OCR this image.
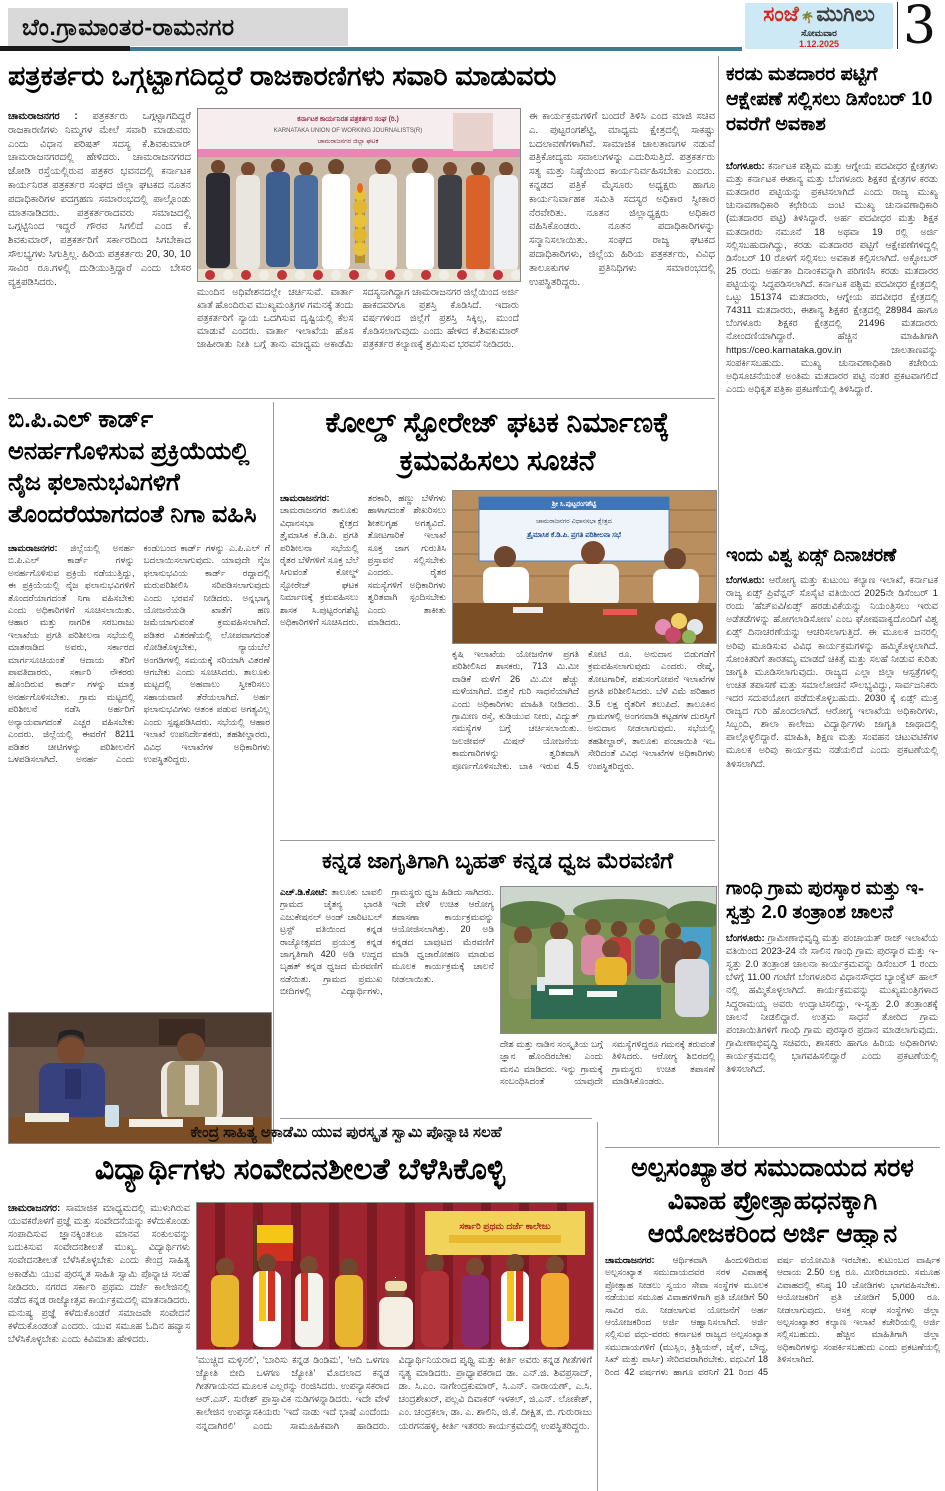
ಬೆಂ.ಗ್ರಾಮಾಂತರ-ರಾಮನಗರ	ಸಂಜೆ 🌴 ಮುಗಿಲು
ಸೋಮವಾರ
1.12.2025 3
ಪತ್ರಕರ್ತರು ಒಗ್ಗಟ್ಟಾಗದಿದ್ದರೆ ರಾಜಕಾರಣಿಗಳು ಸವಾರಿ ಮಾಡುವರು
ಚಾಮರಾಜನಗರ : ಪತ್ರಕರ್ತರು ಒಗ್ಗಟ್ಟಾಗದಿದ್ದರೆ ರಾಜಕಾರಣಿಗಳು ನಿಮ್ಮಗಳ ಮೇಲೆ ಸವಾರಿ ಮಾಡುವರು ಎಂದು ವಿಧಾನ ಪರಿಷತ್ ಸದಸ್ಯ ಕೆ.ಶಿವಕುಮಾರ್ ಚಾಮರಾಜನಗರದಲ್ಲಿ ಹೇಳಿದರು. ಚಾಮರಾಜನಗರದ ಜೋಡಿ ರಸ್ತೆಯಲ್ಲಿರುವ ಪತ್ರಕರ ಭವನದಲ್ಲಿ ಕರ್ನಾಟಕ ಕಾರ್ಯನಿರತ ಪತ್ರಕರ್ತರ ಸಂಘದ ಜಿಲ್ಲಾ ಘಟಕದ ನೂತನ ಪದಾಧಿಕಾರಿಗಳ ಪದಗ್ರಹಣ ಸಮಾರಂಭದಲ್ಲಿ ಪಾಲ್ಗೊಂಡು ಮಾತನಾಡಿದರು. ಪತ್ರಕರ್ತರಾದವರು ಸಮಾಜದಲ್ಲಿ ಒಗ್ಗಟ್ಟಿನಿಂದ ಇದ್ದರೆ ಗೌರವ ಸಿಗಲಿದೆ ಎಂದ ಕೆ. ಶಿವಕುಮಾರ್, ಪತ್ರಕರ್ತರಿಗೆ ಸರ್ಕಾರದಿಂದ ಸಿಗಬೇಕಾದ ಸೌಲಭ್ಯಗಳು ಸಿಗುತ್ತಿಲ್ಲ. ಹಿರಿಯ ಪತ್ರಕರ್ತರು 20, 30, 10 ಸಾವಿರ ರೂ.ಗಳಲ್ಲಿ ದುಡಿಯುತ್ತಿದ್ದಾರೆ ಎಂದು ಬೇಸರ ವ್ಯಕ್ತಪಡಿಸಿದರು.
ಕರ್ನಾಟಕ ಕಾರ್ಯನಿರತ ಪತ್ರಕರ್ತರ ಸಂಘ (ರಿ.)
KARNATAKA UNION OF WORKING JOURNALISTS(R)
ಚಾಮರಾಜನಗರ ಜಿಲ್ಲಾ ಘಟಕ
ಮುಂದಿನ ಅಧಿವೇಶನದಲ್ಲೇ ಚರ್ಚಿಸುವೆ. ವಾರ್ತಾ ಖಾತೆ ಹೊಂದಿರುವ ಮುಖ್ಯಮಂತ್ರಿಗಳ ಗಮನಕ್ಕೆ ತಂದು ಪತ್ರಕರ್ತರಿಗೆ ನ್ಯಾಯ ಒದಗಿಸುವ ದೃಷ್ಟಿಯಲ್ಲಿ ಕೆಲಸ ಮಾಡುವೆ ಎಂದರು. ವಾರ್ತಾ ಇಲಾಖೆಯ ಹೊಸ ಜಾಹೀರಾತು ನೀತಿ ಬಗ್ಗೆ ತಾನು ಮಾಧ್ಯಮ ಅಕಾಡೆಮಿ ಸದಸ್ಯನಾಗಿದ್ದಾಗ ಚಾಮರಾಜನಗರ ಜಿಲ್ಲೆಯಿಂದ ಅರ್ಜಿ ಹಾಕದವರಿಗೂ ಪ್ರಶಸ್ತಿ ಕೊಡಿಸಿದೆ. ಇದಾರು ವರ್ಷಗಳಿಂದ ಜಿಲ್ಲೆಗೆ ಪ್ರಶಸ್ತಿ ಸಿಕ್ಕಿಲ್ಲ, ಮುಂದೆ ಕೊಡಿಸಲಾಗುವುದು ಎಂದು ಹೇಳಿದ ಕೆ.ಶಿವಕುಮಾರ್ ಪತ್ರಕರ್ತರ ಕಲ್ಯಾಣಕ್ಕೆ ಶ್ರಮಿಸುವ ಭರವಸೆ ನೀಡಿದರು.
ಈ ಕಾರ್ಯಕ್ರಮಗಳಿಗೆ ಬಂದರೆ ತಿಳಿಸಿ ಎಂದ ಮಾಜಿ ಸಚಿವ ಎ. ಪುಟ್ಟರಂಗಶೆಟ್ಟಿ, ಮಾಧ್ಯಮ ಕ್ಷೇತ್ರದಲ್ಲಿ ಸಾಕಷ್ಟು ಬದಲಾವಣೆಗಳಾಗಿವೆ. ಸಾಮಾಜಿಕ ಜಾಲತಾಣಗಳ ನಡುವೆ ಪತ್ರಿಕೋದ್ಯಮ ಸವಾಲುಗಳನ್ನು ಎದುರಿಸುತ್ತಿದೆ. ಪತ್ರಕರ್ತರು ಸತ್ಯ ಮತ್ತು ನಿಷ್ಠೆಯಿಂದ ಕಾರ್ಯನಿರ್ವಹಿಸಬೇಕು ಎಂದರು. ಕನ್ನಡದ ಪತ್ರಿಕೆ ಮೈಸೂರು ಅಧ್ಯಕ್ಷರು ಹಾಗೂ ಕಾರ್ಯನಿರ್ವಾಹಕ ಸಮಿತಿ ಸದಸ್ಯರ ಅಧಿಕಾರ ಸ್ವೀಕಾರ ನೆರವೇರಿತು. ನೂತನ ಜಿಲ್ಲಾಧ್ಯಕ್ಷರು ಅಧಿಕಾರ ವಹಿಸಿಕೊಂಡರು. ನೂತನ ಪದಾಧಿಕಾರಿಗಳನ್ನು ಸನ್ಮಾನಿಸಲಾಯಿತು. ಸಂಘದ ರಾಜ್ಯ ಘಟಕದ ಪದಾಧಿಕಾರಿಗಳು, ಜಿಲ್ಲೆಯ ಹಿರಿಯ ಪತ್ರಕರ್ತರು, ವಿವಿಧ ತಾಲೂಕುಗಳ ಪ್ರತಿನಿಧಿಗಳು ಸಮಾರಂಭದಲ್ಲಿ ಉಪಸ್ಥಿತರಿದ್ದರು.
ಕರಡು ಮತದಾರರ ಪಟ್ಟಿಗೆ ಆಕ್ಷೇಪಣೆ ಸಲ್ಲಿಸಲು ಡಿಸೆಂಬರ್ 10 ರವರೆಗೆ ಅವಕಾಶ
ಬೆಂಗಳೂರು: ಕರ್ನಾಟಕ ಪಶ್ಚಿಮ ಮತ್ತು ಆಗ್ನೇಯ ಪದವೀಧರ ಕ್ಷೇತ್ರಗಳು ಮತ್ತು ಕರ್ನಾಟಕ ಈಶಾನ್ಯ ಮತ್ತು ಬೆಂಗಳೂರು ಶಿಕ್ಷಕರ ಕ್ಷೇತ್ರಗಳ ಕರಡು ಮತದಾರರ ಪಟ್ಟಿಯನ್ನು ಪ್ರಕಟಿಸಲಾಗಿದೆ ಎಂದು ರಾಜ್ಯ ಮುಖ್ಯ ಚುನಾವಣಾಧಿಕಾರಿ ಕಛೇರಿಯ ಜಂಟಿ ಮುಖ್ಯ ಚುನಾವಣಾಧಿಕಾರಿ (ಮತದಾರರ ಪಟ್ಟಿ) ತಿಳಿಸಿದ್ದಾರೆ. ಅರ್ಹ ಪದವೀಧರ ಮತ್ತು ಶಿಕ್ಷಕ ಮತದಾರರು ನಮೂನೆ 18 ಅಥವಾ 19 ರಲ್ಲಿ ಅರ್ಜಿ ಸಲ್ಲಿಸಬಹುದಾಗಿದ್ದು, ಕರಡು ಮತದಾರರ ಪಟ್ಟಿಗೆ ಆಕ್ಷೇಪಣೆಗಳಿದ್ದಲ್ಲಿ ಡಿಸೆಂಬರ್ 10 ರೊಳಗೆ ಸಲ್ಲಿಸಲು ಅವಕಾಶ ಕಲ್ಪಿಸಲಾಗಿದೆ. ಅಕ್ಟೋಬರ್ 25 ರಂದು ಅರ್ಹತಾ ದಿನಾಂಕವನ್ನಾಗಿ ಪರಿಗಣಿಸಿ ಕರಡು ಮತದಾರರ ಪಟ್ಟಿಯನ್ನು ಸಿದ್ಧಪಡಿಸಲಾಗಿದೆ. ಕರ್ನಾಟಕ ಪಶ್ಚಿಮ ಪದವೀಧರ ಕ್ಷೇತ್ರದಲ್ಲಿ ಒಟ್ಟು 151374 ಮತದಾರರು, ಆಗ್ನೇಯ ಪದವೀಧರ ಕ್ಷೇತ್ರದಲ್ಲಿ 74311 ಮತದಾರರು, ಈಶಾನ್ಯ ಶಿಕ್ಷಕರ ಕ್ಷೇತ್ರದಲ್ಲಿ 28984 ಹಾಗೂ ಬೆಂಗಳೂರು ಶಿಕ್ಷಕರ ಕ್ಷೇತ್ರದಲ್ಲಿ 21496 ಮತದಾರರು ನೋಂದಣಿಯಾಗಿದ್ದಾರೆ. ಹೆಚ್ಚಿನ ಮಾಹಿತಿಗಾಗಿ https://ceo.karnataka.gov.in ಜಾಲತಾಣವನ್ನು ಸಂಪರ್ಕಿಸಬಹುದು. ಮುಖ್ಯ ಚುನಾವಣಾಧಿಕಾರಿ ಕಚೇರಿಯ ಅಧಿಸೂಚನೆಯಂತೆ ಅಂತಿಮ ಮತದಾರರ ಪಟ್ಟಿ ನಂತರ ಪ್ರಕಟವಾಗಲಿದೆ ಎಂದು ಅಧಿಕೃತ ಪತ್ರಿಕಾ ಪ್ರಕಟಣೆಯಲ್ಲಿ ತಿಳಿಸಿದ್ದಾರೆ.
ಇಂದು ವಿಶ್ವ ಏಡ್ಸ್ ದಿನಾಚರಣೆ
ಬೆಂಗಳೂರು: ಆರೋಗ್ಯ ಮತ್ತು ಕುಟುಂಬ ಕಲ್ಯಾಣ ಇಲಾಖೆ, ಕರ್ನಾಟಕ ರಾಜ್ಯ ಏಡ್ಸ್ ಪ್ರಿವೆನ್ಷನ್ ಸೊಸೈಟಿ ವತಿಯಿಂದ 2025ನೇ ಡಿಸೆಂಬರ್ 1 ರಂದು ‘ಹೆಚ್ಐವಿ/ಏಡ್ಸ್ ಹರಡುವಿಕೆಯನ್ನು ನಿಯಂತ್ರಿಸಲು ಇರುವ ಅಡೆತಡೆಗಳನ್ನು ಹೋಗಲಾಡಿಸೋಣ’ ಎಂಬ ಘೋಷವಾಕ್ಯದೊಂದಿಗೆ ವಿಶ್ವ ಏಡ್ಸ್ ದಿನಾಚರಣೆಯನ್ನು ಆಚರಿಸಲಾಗುತ್ತಿದೆ. ಈ ಮೂಲಕ ಜನರಲ್ಲಿ ಅರಿವು ಮೂಡಿಸುವ ವಿವಿಧ ಕಾರ್ಯಕ್ರಮಗಳನ್ನು ಹಮ್ಮಿಕೊಳ್ಳಲಾಗಿದೆ. ಸೋಂಕಿತರಿಗೆ ತಾರತಮ್ಯ ಮಾಡದೆ ಚಿಕಿತ್ಸೆ ಮತ್ತು ಸಲಹೆ ನೀಡುವ ಕುರಿತು ಜಾಗೃತಿ ಮೂಡಿಸಲಾಗುವುದು. ರಾಜ್ಯದ ಎಲ್ಲಾ ಜಿಲ್ಲಾ ಆಸ್ಪತ್ರೆಗಳಲ್ಲಿ ಉಚಿತ ತಪಾಸಣೆ ಮತ್ತು ಸಮಾಲೋಚನೆ ಸೌಲಭ್ಯವಿದ್ದು, ಸಾರ್ವಜನಿಕರು ಇದರ ಸದುಪಯೋಗ ಪಡೆದುಕೊಳ್ಳಬಹುದು. 2030 ಕ್ಕೆ ಏಡ್ಸ್ ಮುಕ್ತ ರಾಜ್ಯದ ಗುರಿ ಹೊಂದಲಾಗಿದೆ. ಆರೋಗ್ಯ ಇಲಾಖೆಯ ಅಧಿಕಾರಿಗಳು, ಸಿಬ್ಬಂದಿ, ಶಾಲಾ ಕಾಲೇಜು ವಿದ್ಯಾರ್ಥಿಗಳು ಜಾಗೃತಿ ಜಾಥಾದಲ್ಲಿ ಪಾಲ್ಗೊಳ್ಳಲಿದ್ದಾರೆ. ಮಾಹಿತಿ, ಶಿಕ್ಷಣ ಮತ್ತು ಸಂವಹನ ಚಟುವಟಿಕೆಗಳ ಮೂಲಕ ಅರಿವು ಕಾರ್ಯಕ್ರಮ ನಡೆಯಲಿದೆ ಎಂದು ಪ್ರಕಟಣೆಯಲ್ಲಿ ತಿಳಿಸಲಾಗಿದೆ.
ಗಾಂಧಿ ಗ್ರಾಮ ಪುರಸ್ಕಾರ ಮತ್ತು ಇ-ಸ್ವತ್ತು 2.0 ತಂತ್ರಾಂಶ ಚಾಲನೆ
ಬೆಂಗಳೂರು: ಗ್ರಾಮೀಣಾಭಿವೃದ್ಧಿ ಮತ್ತು ಪಂಚಾಯತ್ ರಾಜ್ ಇಲಾಖೆಯ ವತಿಯಿಂದ 2023-24 ನೇ ಸಾಲಿನ ಗಾಂಧಿ ಗ್ರಾಮ ಪುರಸ್ಕಾರ ಮತ್ತು ಇ-ಸ್ವತ್ತು 2.0 ತಂತ್ರಾಂಶ ಚಾಲನಾ ಕಾರ್ಯಕ್ರಮವನ್ನು ಡಿಸೆಂಬರ್ 1 ರಂದು ಬೆಳಗ್ಗೆ 11.00 ಗಂಟೆಗೆ ಬೆಂಗಳೂರಿನ ವಿಧಾನಸೌಧದ ಬ್ಯಾಂಕ್ವೆಟ್ ಹಾಲ್ ನಲ್ಲಿ ಹಮ್ಮಿಕೊಳ್ಳಲಾಗಿದೆ. ಕಾರ್ಯಕ್ರಮವನ್ನು ಮುಖ್ಯಮಂತ್ರಿಗಳಾದ ಸಿದ್ದರಾಮಯ್ಯ ಅವರು ಉದ್ಘಾಟಿಸಲಿದ್ದು, ಇ-ಸ್ವತ್ತು 2.0 ತಂತ್ರಾಂಶಕ್ಕೆ ಚಾಲನೆ ನೀಡಲಿದ್ದಾರೆ. ಉತ್ತಮ ಸಾಧನೆ ತೋರಿದ ಗ್ರಾಮ ಪಂಚಾಯಿತಿಗಳಿಗೆ ಗಾಂಧಿ ಗ್ರಾಮ ಪುರಸ್ಕಾರ ಪ್ರದಾನ ಮಾಡಲಾಗುವುದು. ಗ್ರಾಮೀಣಾಭಿವೃದ್ಧಿ ಸಚಿವರು, ಶಾಸಕರು ಹಾಗೂ ಹಿರಿಯ ಅಧಿಕಾರಿಗಳು ಕಾರ್ಯಕ್ರಮದಲ್ಲಿ ಭಾಗವಹಿಸಲಿದ್ದಾರೆ ಎಂದು ಪ್ರಕಟಣೆಯಲ್ಲಿ ತಿಳಿಸಲಾಗಿದೆ.
ಬಿ.ಪಿ.ಎಲ್ ಕಾರ್ಡ್ ಅನರ್ಹಗೊಳಿಸುವ ಪ್ರಕ್ರಿಯೆಯಲ್ಲಿ ನೈಜ ಫಲಾನುಭವಿಗಳಿಗೆ ತೊಂದರೆಯಾಗದಂತೆ ನಿಗಾ ವಹಿಸಿ
ಚಾಮರಾಜನಗರ: ಜಿಲ್ಲೆಯಲ್ಲಿ ಅನರ್ಹ ಬಿ.ಪಿ.ಎಲ್ ಕಾರ್ಡ್ ಗಳನ್ನು ಅನರ್ಹಗೊಳಿಸುವ ಪ್ರಕ್ರಿಯೆ ನಡೆಯುತ್ತಿದ್ದು, ಈ ಪ್ರಕ್ರಿಯೆಯಲ್ಲಿ ನೈಜ ಫಲಾನುಭವಿಗಳಿಗೆ ತೊಂದರೆಯಾಗದಂತೆ ನಿಗಾ ವಹಿಸಬೇಕು ಎಂದು ಅಧಿಕಾರಿಗಳಿಗೆ ಸೂಚಿಸಲಾಯಿತು. ಆಹಾರ ಮತ್ತು ನಾಗರಿಕ ಸರಬರಾಜು ಇಲಾಖೆಯ ಪ್ರಗತಿ ಪರಿಶೀಲನಾ ಸಭೆಯಲ್ಲಿ ಮಾತನಾಡಿದ ಅವರು, ಸರ್ಕಾರದ ಮಾರ್ಗಸೂಚಿಯಂತೆ ಆದಾಯ ತೆರಿಗೆ ಪಾವತಿದಾರರು, ಸರ್ಕಾರಿ ನೌಕರರು ಹೊಂದಿರುವ ಕಾರ್ಡ್ ಗಳನ್ನು ಮಾತ್ರ ಅನರ್ಹಗೊಳಿಸಬೇಕು. ಗ್ರಾಮ ಮಟ್ಟದಲ್ಲಿ ಪರಿಶೀಲನೆ ನಡೆಸಿ ಅರ್ಹರಿಗೆ ಅನ್ಯಾಯವಾಗದಂತೆ ಎಚ್ಚರ ವಹಿಸಬೇಕು ಎಂದರು. ಜಿಲ್ಲೆಯಲ್ಲಿ ಈವರೆಗೆ 8211 ಪಡಿತರ ಚೀಟಿಗಳನ್ನು ಪರಿಶೀಲನೆಗೆ ಒಳಪಡಿಸಲಾಗಿದೆ. ಅನರ್ಹ ಎಂದು ಕಂಡುಬಂದ ಕಾರ್ಡ್ ಗಳನ್ನು ಎ.ಪಿ.ಎಲ್ ಗೆ ಬದಲಾಯಿಸಲಾಗುವುದು. ಯಾವುದೇ ನೈಜ ಫಲಾನುಭವಿಯ ಕಾರ್ಡ್ ರದ್ದಾದಲ್ಲಿ ಮರುಪರಿಶೀಲಿಸಿ ಸರಿಪಡಿಸಲಾಗುವುದು ಎಂದು ಭರವಸೆ ನೀಡಿದರು. ಅನ್ನಭಾಗ್ಯ ಯೋಜನೆಯಡಿ ಖಾತೆಗೆ ಹಣ ಜಮೆಯಾಗುವಂತೆ ಕ್ರಮವಹಿಸಲಾಗಿದೆ. ಪಡಿತರ ವಿತರಣೆಯಲ್ಲಿ ಲೋಪವಾಗದಂತೆ ನೋಡಿಕೊಳ್ಳಬೇಕು, ನ್ಯಾಯಬೆಲೆ ಅಂಗಡಿಗಳಲ್ಲಿ ಸಮಯಕ್ಕೆ ಸರಿಯಾಗಿ ವಿತರಣೆ ಆಗಬೇಕು ಎಂದು ಸೂಚಿಸಿದರು. ತಾಲೂಕು ಮಟ್ಟದಲ್ಲಿ ಅಹವಾಲು ಸ್ವೀಕರಿಸಲು ಸಹಾಯವಾಣಿ ತೆರೆಯಲಾಗಿದೆ. ಅರ್ಹ ಫಲಾನುಭವಿಗಳು ಆತಂಕ ಪಡುವ ಅಗತ್ಯವಿಲ್ಲ ಎಂದು ಸ್ಪಷ್ಟಪಡಿಸಿದರು. ಸಭೆಯಲ್ಲಿ ಆಹಾರ ಇಲಾಖೆ ಉಪನಿರ್ದೇಶಕರು, ತಹಶೀಲ್ದಾರರು, ವಿವಿಧ ಇಲಾಖೆಗಳ ಅಧಿಕಾರಿಗಳು ಉಪಸ್ಥಿತರಿದ್ದರು.
ಕೋಲ್ಡ್ ಸ್ಟೋರೇಜ್ ಘಟಕ ನಿರ್ಮಾಣಕ್ಕೆ ಕ್ರಮವಹಿಸಲು ಸೂಚನೆ
ಚಾಮರಾಜನಗರ: ಚಾಮರಾಜನಗರ ತಾಲೂಕು ವಿಧಾನಸಭಾ ಕ್ಷೇತ್ರದ ತ್ರೈಮಾಸಿಕ ಕೆ.ಡಿ.ಪಿ. ಪ್ರಗತಿ ಪರಿಶೀಲನಾ ಸಭೆಯಲ್ಲಿ ರೈತರ ಬೆಳೆಗಳಿಗೆ ಸೂಕ್ತ ಬೆಲೆ ಸಿಗುವಂತೆ ಕೋಲ್ಡ್ ಸ್ಟೋರೇಜ್ ಘಟಕ ನಿರ್ಮಾಣಕ್ಕೆ ಕ್ರಮವಹಿಸಲು ಶಾಸಕ ಸಿ.ಪುಟ್ಟರಂಗಶೆಟ್ಟಿ ಅಧಿಕಾರಿಗಳಿಗೆ ಸೂಚಿಸಿದರು. ತರಕಾರಿ, ಹಣ್ಣು ಬೆಳೆಗಳು ಹಾಳಾಗದಂತೆ ಶೇಖರಿಸಲು ಶೀತಲಗೃಹ ಅಗತ್ಯವಿದೆ. ತೋಟಗಾರಿಕೆ ಇಲಾಖೆ ಸೂಕ್ತ ಜಾಗ ಗುರುತಿಸಿ ಪ್ರಸ್ತಾವನೆ ಸಲ್ಲಿಸಬೇಕು ಎಂದರು. ರೈತರ ಸಮಸ್ಯೆಗಳಿಗೆ ಅಧಿಕಾರಿಗಳು ತ್ವರಿತವಾಗಿ ಸ್ಪಂದಿಸಬೇಕು ಎಂದು ತಾಕೀತು ಮಾಡಿದರು.
ಶ್ರೀ ಸಿ.ಪುಟ್ಟರಂಗಶೆಟ್ಟಿ
ಚಾಮರಾಜನಗರ ವಿಧಾನಸಭಾ ಕ್ಷೇತ್ರದ
ತ್ರೈಮಾಸಿಕ ಕೆ.ಡಿ.ಪಿ. ಪ್ರಗತಿ ಪರಿಶೀಲನಾ ಸಭೆ
ಕೃಷಿ ಇಲಾಖೆಯ ಯೋಜನೆಗಳ ಪ್ರಗತಿ ಪರಿಶೀಲಿಸಿದ ಶಾಸಕರು, 713 ಮಿ.ಮೀ ವಾಡಿಕೆ ಮಳೆಗೆ 26 ಮಿ.ಮೀ ಹೆಚ್ಚು ಮಳೆಯಾಗಿದೆ. ಬಿತ್ತನೆ ಗುರಿ ಸಾಧನೆಯಾಗಿದೆ ಎಂದು ಅಧಿಕಾರಿಗಳು ಮಾಹಿತಿ ನೀಡಿದರು. ಗ್ರಾಮೀಣ ರಸ್ತೆ, ಕುಡಿಯುವ ನೀರು, ವಿದ್ಯುತ್ ಸಮಸ್ಯೆಗಳ ಬಗ್ಗೆ ಚರ್ಚಿಸಲಾಯಿತು. ಜಲಜೀವನ್ ಮಿಷನ್ ಯೋಜನೆಯ ಕಾಮಗಾರಿಗಳನ್ನು ತ್ವರಿತವಾಗಿ ಪೂರ್ಣಗೊಳಿಸಬೇಕು. ಬಾಕಿ ಇರುವ 4.5 ಕೋಟಿ ರೂ. ಅನುದಾನ ಬಿಡುಗಡೆಗೆ ಕ್ರಮವಹಿಸಲಾಗುವುದು ಎಂದರು. ರೇಷ್ಮೆ, ತೋಟಗಾರಿಕೆ, ಪಶುಸಂಗೋಪನೆ ಇಲಾಖೆಗಳ ಪ್ರಗತಿ ಪರಿಶೀಲಿಸಿದರು. ಬೆಳೆ ವಿಮೆ ಪರಿಹಾರ 3.5 ಲಕ್ಷ ರೈತರಿಗೆ ತಲುಪಿದೆ. ತಾಲೂಕಿನ ಗ್ರಾಮಗಳಲ್ಲಿ ಅಂಗನವಾಡಿ ಕಟ್ಟಡಗಳ ದುರಸ್ತಿಗೆ ಅನುದಾನ ನೀಡಲಾಗುವುದು. ಸಭೆಯಲ್ಲಿ ತಹಶೀಲ್ದಾರ್, ತಾಲೂಕು ಪಂಚಾಯಿತಿ ಇಒ ಸೇರಿದಂತೆ ವಿವಿಧ ಇಲಾಖೆಗಳ ಅಧಿಕಾರಿಗಳು ಉಪಸ್ಥಿತರಿದ್ದರು.
ಕನ್ನಡ ಜಾಗೃತಿಗಾಗಿ ಬೃಹತ್ ಕನ್ನಡ ಧ್ವಜ ಮೆರವಣಿಗೆ
ಎಚ್.ಡಿ.ಕೋಟೆ: ತಾಲೂಕು ಬಾವಲಿ ಗ್ರಾಮದ ಚೈತನ್ಯ ಭಾರತಿ ಎಜುಕೇಷನಲ್ ಅಂಡ್ ಚಾರಿಟಬಲ್ ಟ್ರಸ್ಟ್ ವತಿಯಿಂದ ಕನ್ನಡ ರಾಜ್ಯೋತ್ಸವದ ಪ್ರಯುಕ್ತ ಕನ್ನಡ ಜಾಗೃತಿಗಾಗಿ 420 ಅಡಿ ಉದ್ದದ ಬೃಹತ್ ಕನ್ನಡ ಧ್ವಜದ ಮೆರವಣಿಗೆ ನಡೆಯಿತು. ಗ್ರಾಮದ ಪ್ರಮುಖ ಬೀದಿಗಳಲ್ಲಿ ವಿದ್ಯಾರ್ಥಿಗಳು, ಗ್ರಾಮಸ್ಥರು ಧ್ವಜ ಹಿಡಿದು ಸಾಗಿದರು. ಇದೇ ವೇಳೆ ಉಚಿತ ಆರೋಗ್ಯ ತಪಾಸಣಾ ಕಾರ್ಯಕ್ರಮವನ್ನು ಆಯೋಜಿಸಲಾಗಿತ್ತು. 20 ಅಡಿ ಕನ್ನಡದ ಬಾವುಟದ ಮೆರವಣಿಗೆ ಮಾಡಿ ಧ್ವಜಾರೋಹಣ ಮಾಡುವ ಮೂಲಕ ಕಾರ್ಯಕ್ರಮಕ್ಕೆ ಚಾಲನೆ ನೀಡಲಾಯಿತು.
ದೇಶ ಮತ್ತು ನಾಡಿನ ಸಂಸ್ಕೃತಿಯ ಬಗ್ಗೆ ಜ್ಞಾನ ಹೊಂದಿರಬೇಕು ಎಂದು ಮನವಿ ಮಾಡಿದರು. ಇನ್ನು ಗ್ರಾಮಕ್ಕೆ ಸಂಬಂಧಿಸಿದಂತೆ ಯಾವುದೇ ಸಮಸ್ಯೆಗಳಿದ್ದರೂ ಗಮನಕ್ಕೆ ತರುವಂತೆ ತಿಳಿಸಿದರು. ಆರೋಗ್ಯ ಶಿಬಿರದಲ್ಲಿ ಗ್ರಾಮಸ್ಥರು ಉಚಿತ ತಪಾಸಣೆ ಮಾಡಿಸಿಕೊಂಡರು.
ಕೇಂದ್ರ ಸಾಹಿತ್ಯ ಅಕಾಡೆಮಿ ಯುವ ಪುರಸ್ಕೃತ ಸ್ವಾಮಿ ಪೊನ್ನಾಚಿ ಸಲಹೆ
ವಿದ್ಯಾರ್ಥಿಗಳು ಸಂವೇದನಶೀಲತೆ ಬೆಳೆಸಿಕೊಳ್ಳಿ
ಚಾಮರಾಜನಗರ: ಸಾಮಾಜಿಕ ಮಾಧ್ಯಮದಲ್ಲಿ ಮುಳುಗಿರುವ ಯುವಕರೊಳಗೆ ಪ್ರಜ್ಞೆ ಮತ್ತು ಸಂವೇದನೆಯನ್ನು ಕಳೆದುಕೊಂಡು ಸಂಪಾದಿಸುವ ಜ್ಞಾನಕ್ಕಿಂತಲೂ ಮಾನವ ಸಂಕುಲವನ್ನು ಬದುಕಿಸುವ ಸಂವೇದನಶೀಲತೆ ಮುಖ್ಯ. ವಿದ್ಯಾರ್ಥಿಗಳು ಸಂವೇದನಶೀಲತೆ ಬೆಳೆಸಿಕೊಳ್ಳಬೇಕು ಎಂದು ಕೇಂದ್ರ ಸಾಹಿತ್ಯ ಅಕಾಡೆಮಿ ಯುವ ಪುರಸ್ಕೃತ ಸಾಹಿತಿ ಸ್ವಾಮಿ ಪೊನ್ನಾಚಿ ಸಲಹೆ ನೀಡಿದರು. ನಗರದ ಸರ್ಕಾರಿ ಪ್ರಥಮ ದರ್ಜೆ ಕಾಲೇಜಿನಲ್ಲಿ ನಡೆದ ಕನ್ನಡ ರಾಜ್ಯೋತ್ಸವ ಕಾರ್ಯಕ್ರಮದಲ್ಲಿ ಮಾತನಾಡಿದರು. ಮನುಷ್ಯ ಪ್ರಜ್ಞೆ ಕಳೆದುಕೊಂಡರೆ ಸಮಾಜವೇ ಸಂವೇದನೆ ಕಳೆದುಕೊಂಡಂತೆ ಎಂದರು. ಯುವ ಸಮೂಹ ಓದಿನ ಹವ್ಯಾಸ ಬೆಳೆಸಿಕೊಳ್ಳಬೇಕು ಎಂದು ಕಿವಿಮಾತು ಹೇಳಿದರು.
ಸರ್ಕಾರಿ ಪ್ರಥಮ ದರ್ಜೆ ಕಾಲೇಜು
‘ಮುಚ್ಚಿದ ಮಳ್ಳಿನಲಿ’, ‘ಬಾರಿಸು ಕನ್ನಡ ಡಿಂಡಿಮ’, ‘ಆದಿ ಒಳಗಣ ಜ್ಯೋತಿ ಬೀದಿ ಒಳಗಣ ಜ್ಯೋತಿ’ ಮೊದಲಾದ ಕನ್ನಡ ಗೀತಗಾಯನದ ಮೂಲಕ ಎಲ್ಲರನ್ನು ರಂಜಿಸಿದರು. ಉಪನ್ಯಾಸಕರಾದ ಆರ್.ಎಸ್. ಸುರೇಶ್ ಪ್ರಾಸ್ತಾವಿಕ ನುಡಿಗಳನ್ನಾಡಿದರು. ಇದೇ ವೇಳೆ ಕಾಲೇಜಿನ ಉಪನ್ಯಾಸಕಿಯರು ‘ಇದೆ ನಾಡು ಇದೆ ಭಾಷೆ ಎಂದೆಂದು ನನ್ನದಾಗಿರಲಿ’ ಎಂದು ಸಾಮೂಹಿಕವಾಗಿ ಹಾಡಿದರು. ವಿದ್ಯಾರ್ಥಿನಿಯರಾದ ಪೃಥ್ವಿ ಮತ್ತು ಕೀರ್ತಿ ಅವರು ಕನ್ನಡ ಗೀತೆಗಳಿಗೆ ನೃತ್ಯ ಮಾಡಿದರು. ಪ್ರಾಧ್ಯಾಪಕರಾದ ಡಾ. ಎನ್.ಜಿ. ಶಿವಪ್ರಸಾದ್, ಡಾ. ಸಿ.ಎಂ. ನಾಗೇಂದ್ರಕುಮಾರ್, ಸಿ.ಎನ್. ನಾರಾಯಣ್, ಎ.ಸಿ. ಚಂದ್ರಶೇಖರ್, ಪಲ್ಲವಿ ದಿವಾಕರ್ ಇಳಕಲ್, ಜಿ.ಎನ್. ಲೋಕೇಶ್, ಎಂ. ಚಂದ್ರಕಲಾ, ಡಾ. ಎ. ಶಾಲಿನಿ, ಜಿ.ಕೆ. ದೀಕ್ಷಿತ, ಬಿ. ಗುರುರಾಜು ಯರಗನಹಳ್ಳಿ, ಕೀರ್ತಿ ಇತರರು ಕಾರ್ಯಕ್ರಮದಲ್ಲಿ ಉಪಸ್ಥಿತರಿದ್ದರು.
ಅಲ್ಪಸಂಖ್ಯಾತರ ಸಮುದಾಯದ ಸರಳ ವಿವಾಹ ಪ್ರೋತ್ಸಾಹಧನಕ್ಕಾಗಿ ಆಯೋಜಕರಿಂದ ಅರ್ಜಿ ಆಹ್ವಾನ
ಚಾಮರಾಜನಗರ: ಆರ್ಥಿಕವಾಗಿ ಹಿಂದುಳಿದಿರುವ ಅಲ್ಪಸಂಖ್ಯಾತ ಸಮುದಾಯದವರ ಸರಳ ವಿವಾಹಕ್ಕೆ ಪ್ರೋತ್ಸಾಹ ನೀಡಲು ಸ್ವಯಂ ಸೇವಾ ಸಂಸ್ಥೆಗಳ ಮೂಲಕ ನಡೆಯುವ ಸಮೂಹ ವಿವಾಹಗಳಿಗಾಗಿ ಪ್ರತಿ ಜೋಡಿಗೆ 50 ಸಾವಿರ ರೂ. ನೀಡಲಾಗುವ ಯೋಜನೆಗೆ ಅರ್ಹ ಆಯೋಜಕರಿಂದ ಅರ್ಜಿ ಆಹ್ವಾನಿಸಲಾಗಿದೆ. ಅರ್ಜಿ ಸಲ್ಲಿಸುವ ವಧು-ವರರು ಕರ್ನಾಟಕ ರಾಜ್ಯದ ಅಲ್ಪಸಂಖ್ಯಾತ ಸಮುದಾಯಗಳಿಗೆ (ಮುಸ್ಲಿಂ, ಕ್ರಿಶ್ಚಿಯನ್, ಜೈನ್, ಬೌದ್ಧ, ಸಿಖ್ ಮತ್ತು ಪಾರ್ಸಿ) ಸೇರಿದವರಾಗಿರಬೇಕು. ವಧುವಿಗೆ 18 ರಿಂದ 42 ವರ್ಷಗಳು ಹಾಗೂ ವರನಿಗೆ 21 ರಿಂದ 45 ವರ್ಷ ವಯೋಮಿತಿ ಇರಬೇಕು. ಕುಟುಂಬದ ವಾರ್ಷಿಕ ಆದಾಯ 2.50 ಲಕ್ಷ ರೂ. ಮೀರಿರಬಾರದು. ಸಮೂಹ ವಿವಾಹದಲ್ಲಿ ಕನಿಷ್ಠ 10 ಜೋಡಿಗಳು ಭಾಗವಹಿಸಬೇಕು. ಆಯೋಜಕರಿಗೆ ಪ್ರತಿ ಜೋಡಿಗೆ 5,000 ರೂ. ನೀಡಲಾಗುವುದು. ಆಸಕ್ತ ಸಂಘ ಸಂಸ್ಥೆಗಳು ಜಿಲ್ಲಾ ಅಲ್ಪಸಂಖ್ಯಾತರ ಕಲ್ಯಾಣ ಇಲಾಖೆ ಕಚೇರಿಯಲ್ಲಿ ಅರ್ಜಿ ಸಲ್ಲಿಸಬಹುದು. ಹೆಚ್ಚಿನ ಮಾಹಿತಿಗಾಗಿ ಜಿಲ್ಲಾ ಅಧಿಕಾರಿಗಳನ್ನು ಸಂಪರ್ಕಿಸಬಹುದು ಎಂದು ಪ್ರಕಟಣೆಯಲ್ಲಿ ತಿಳಿಸಲಾಗಿದೆ.
